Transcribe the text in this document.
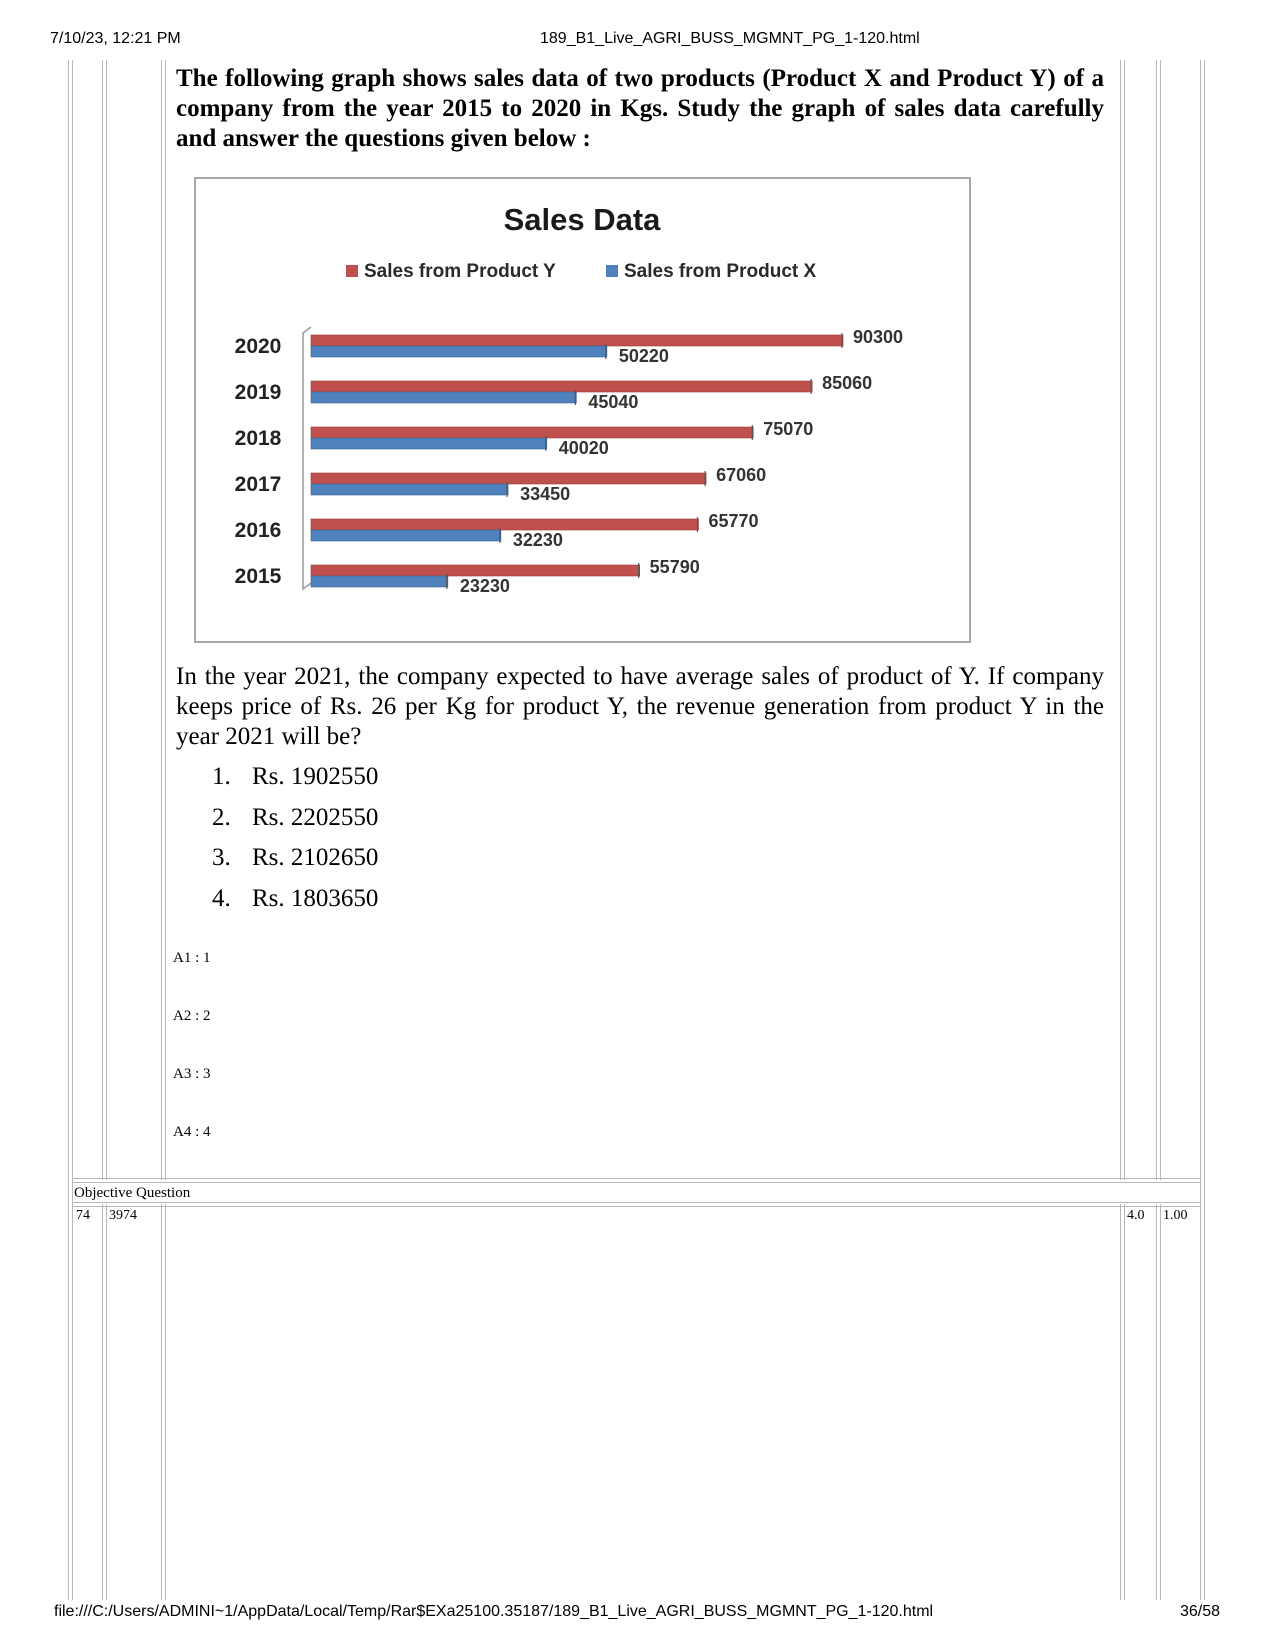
7/10/23, 12:21 PM	189_B1_Live_AGRI_BUSS_MGMNT_PG_1-120.html
The following graph shows sales data of two products (Product X and Product Y) of a company from the year 2015 to 2020 in Kgs. Study the graph of sales data carefully and answer the questions given below :
Sales Data
Sales from Product Y	Sales from Product X
2020	90300
50220
2019	85060
45040
2018	75070
40020
2017	67060
33450
2016	65770
32230
2015	55790
23230
In the year 2021, the company expected to have average sales of product of Y. If company keeps price of Rs. 26 per Kg for product Y, the revenue generation from product Y in the year 2021 will be?
1. Rs. 1902550
2. Rs. 2202550
3. Rs. 2102650
4. Rs. 1803650
A1 : 1
A2 : 2
A3 : 3
A4 : 4
Objective Question
74 3974	4.0 1.00
file:///C:/Users/ADMINI~1/AppData/Local/Temp/Rar$EXa25100.35187/189_B1_Live_AGRI_BUSS_MGMNT_PG_1-120.html	36/58
